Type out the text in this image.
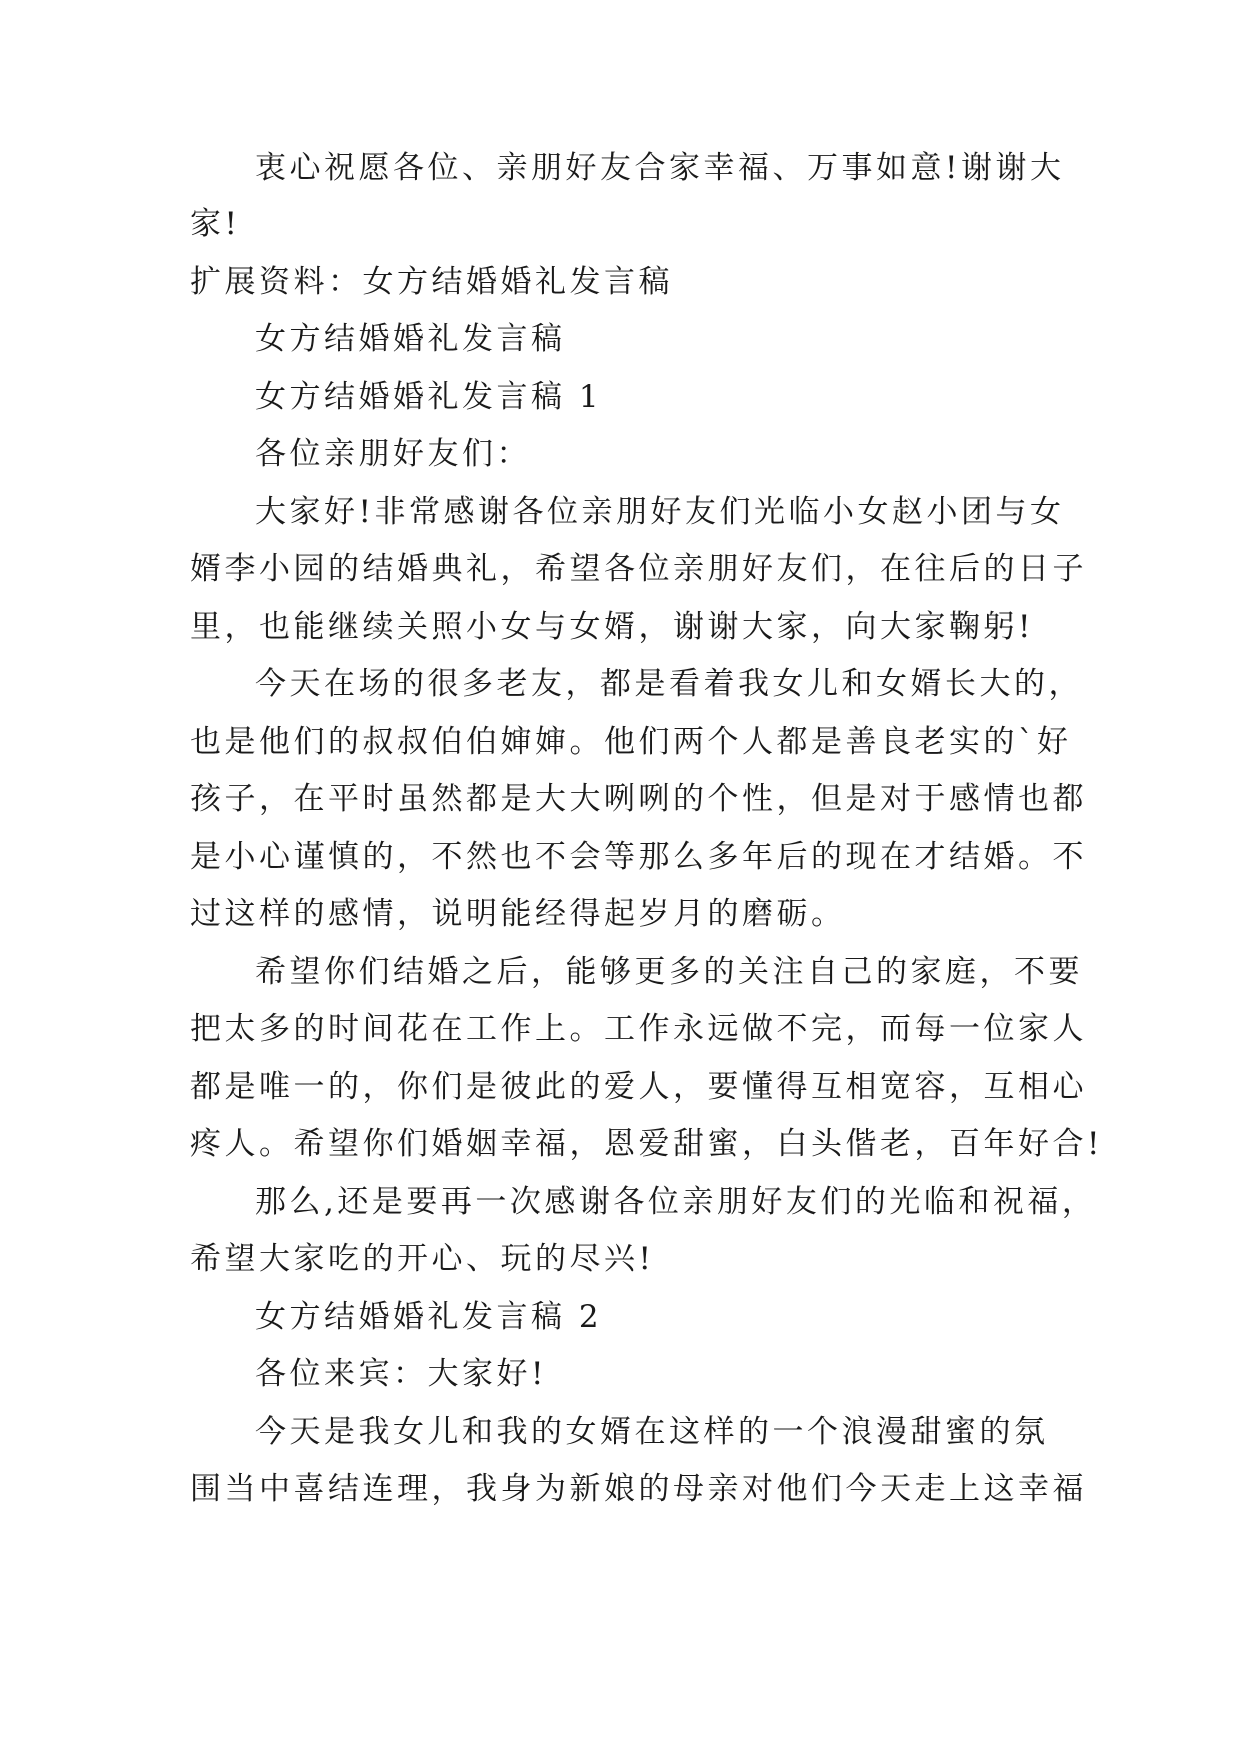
衷心祝愿各位、亲朋好友合家幸福、万事如意!谢谢大
家!
扩展资料：女方结婚婚礼发言稿
女方结婚婚礼发言稿
女方结婚婚礼发言稿 1
各位亲朋好友们：
大家好!非常感谢各位亲朋好友们光临小女赵小团与女
婿李小园的结婚典礼，希望各位亲朋好友们，在往后的日子
里，也能继续关照小女与女婿，谢谢大家，向大家鞠躬!
今天在场的很多老友，都是看着我女儿和女婿长大的，
也是他们的叔叔伯伯婶婶。他们两个人都是善良老实的`好
孩子，在平时虽然都是大大咧咧的个性，但是对于感情也都
是小心谨慎的，不然也不会等那么多年后的现在才结婚。不
过这样的感情，说明能经得起岁月的磨砺。
希望你们结婚之后，能够更多的关注自己的家庭，不要
把太多的时间花在工作上。工作永远做不完，而每一位家人
都是唯一的，你们是彼此的爱人，要懂得互相宽容，互相心
疼人。希望你们婚姻幸福，恩爱甜蜜，白头偕老，百年好合!
那么,还是要再一次感谢各位亲朋好友们的光临和祝福，
希望大家吃的开心、玩的尽兴!
女方结婚婚礼发言稿 2
各位来宾：大家好!
今天是我女儿和我的女婿在这样的一个浪漫甜蜜的氛
围当中喜结连理，我身为新娘的母亲对他们今天走上这幸福
